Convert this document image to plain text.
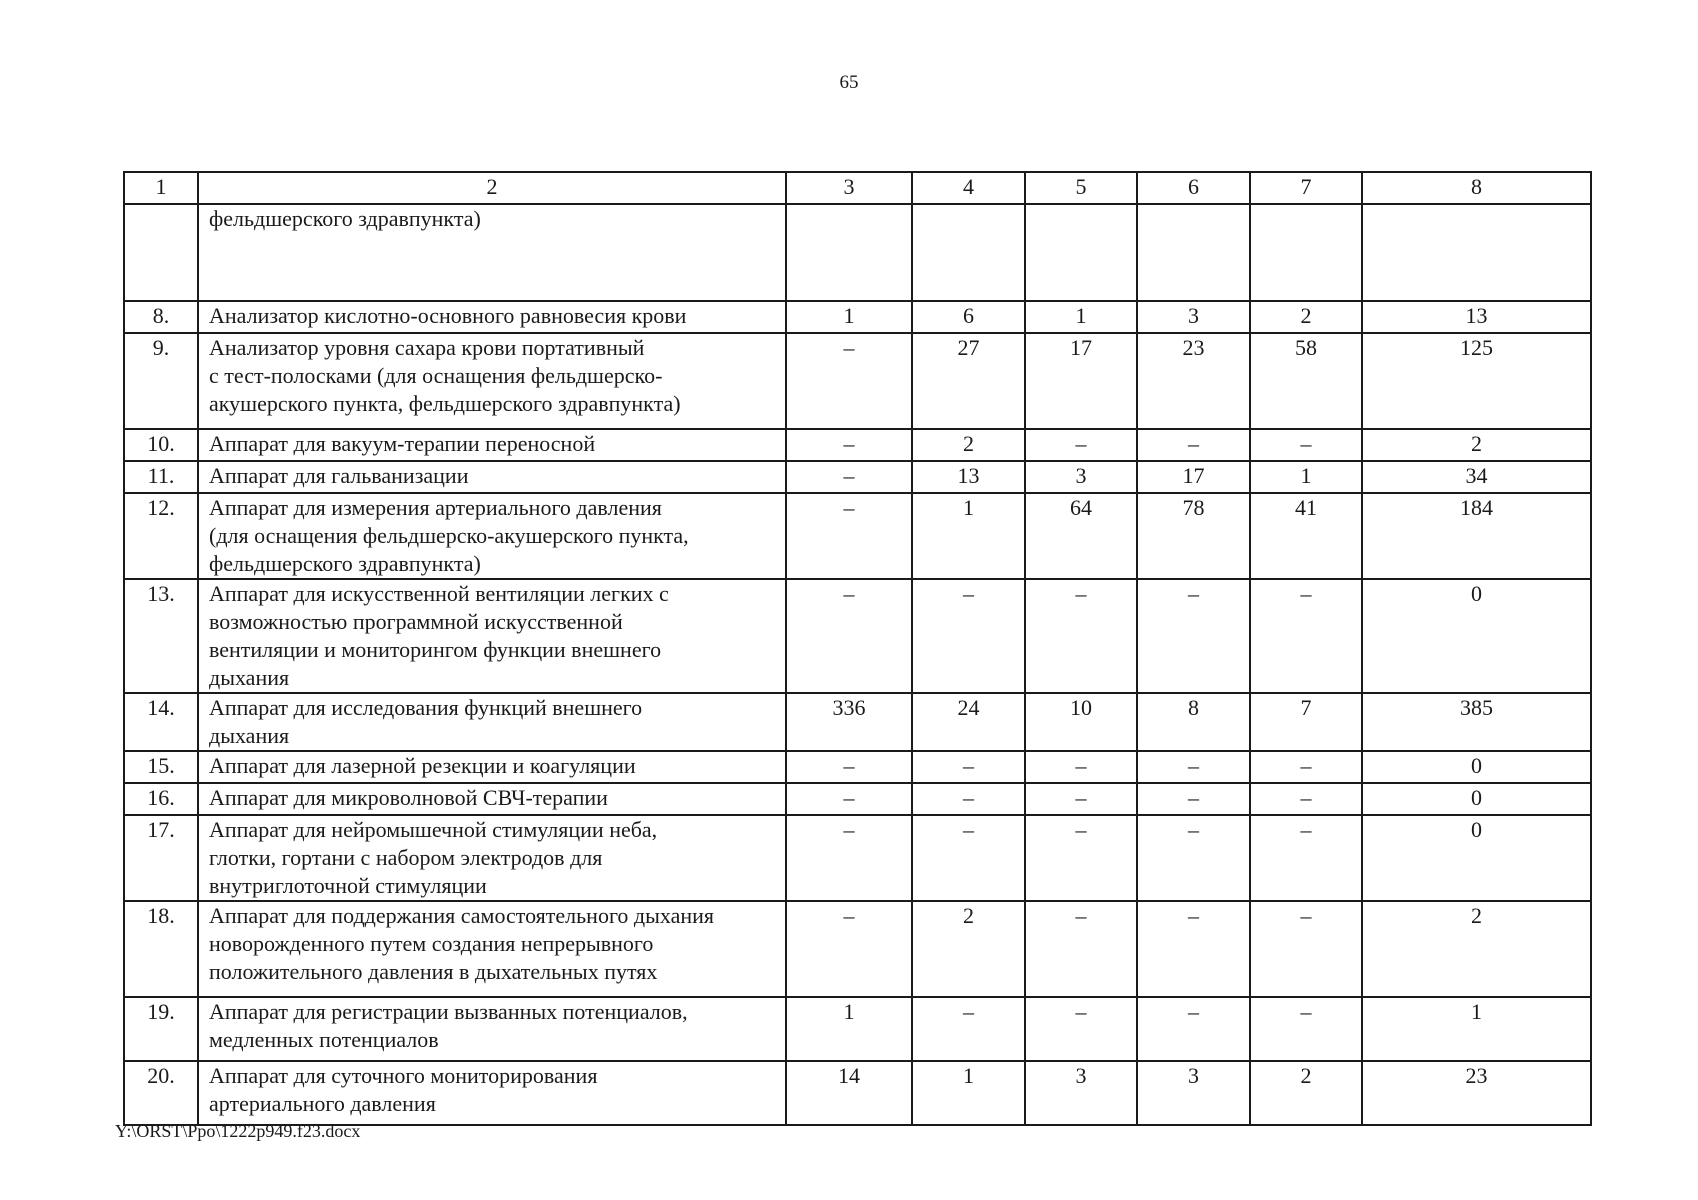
65
1	2	3	4	5	6	7	8
	фельдшерского здравпункта)						
8.	Анализатор кислотно-основного равновесия крови	1	6	1	3	2	13
9.	Анализатор уровня сахара крови портативный
с тест-полосками (для оснащения фельдшерско-
акушерского пункта, фельдшерского здравпункта)	–	27	17	23	58	125
10.	Аппарат для вакуум-терапии переносной	–	2	–	–	–	2
11.	Аппарат для гальванизации	–	13	3	17	1	34
12.	Аппарат для измерения артериального давления
(для оснащения фельдшерско-акушерского пункта,
фельдшерского здравпункта)	–	1	64	78	41	184
13.	Аппарат для искусственной вентиляции легких с
возможностью программной искусственной
вентиляции и мониторингом функции внешнего
дыхания	–	–	–	–	–	0
14.	Аппарат для исследования функций внешнего
дыхания	336	24	10	8	7	385
15.	Аппарат для лазерной резекции и коагуляции	–	–	–	–	–	0
16.	Аппарат для микроволновой СВЧ-терапии	–	–	–	–	–	0
17.	Аппарат для нейромышечной стимуляции неба,
глотки, гортани с набором электродов для
внутриглоточной стимуляции	–	–	–	–	–	0
18.	Аппарат для поддержания самостоятельного дыхания
новорожденного путем создания непрерывного
положительного давления в дыхательных путях	–	2	–	–	–	2
19.	Аппарат для регистрации вызванных потенциалов,
медленных потенциалов	1	–	–	–	–	1
20.	Аппарат для суточного мониторирования
артериального давления	14	1	3	3	2	23
Y:\ORST\Ppo\1222p949.f23.docx
